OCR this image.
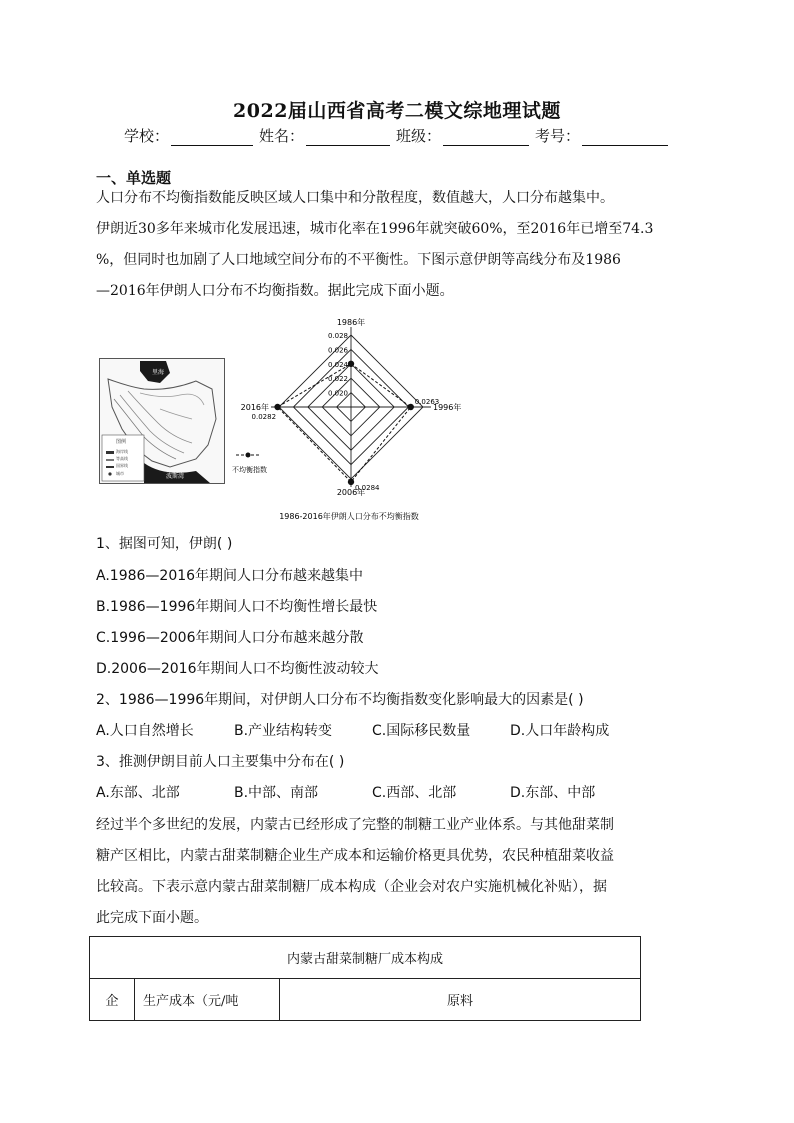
2022届山西省高考二模文综地理试题
学校：	姓名：	班级：	考号：
一、单选题
人口分布不均衡指数能反映区域人口集中和分散程度，数值越大，人口分布越集中。
伊朗近30多年来城市化发展迅速，城市化率在1996年就突破60%，至2016年已增至74.3
%，但同时也加剧了人口地域空间分布的不平衡性。下图示意伊朗等高线分布及1986
—2016年伊朗人口分布不均衡指数。据此完成下面小题。
里海
波斯湾
图例
海岸线
等高线
国界线
城市
1986年
1996年
2006年
2016年
0.028
0.026
0.024
0.022
0.020
0.0263
0.0284
0.0282
不均衡指数
1986-2016年伊朗人口分布不均衡指数
1、据图可知，伊朗( )
A.1986—2016年期间人口分布越来越集中
B.1986—1996年期间人口不均衡性增长最快
C.1996—2006年期间人口分布越来越分散
D.2006—2016年期间人口不均衡性波动较大
2、1986—1996年期间，对伊朗人口分布不均衡指数变化影响最大的因素是( )
A.人口自然增长	B.产业结构转变	C.国际移民数量	D.人口年龄构成
3、推测伊朗目前人口主要集中分布在( )
A.东部、北部	B.中部、南部	C.西部、北部	D.东部、中部
经过半个多世纪的发展，内蒙古已经形成了完整的制糖工业产业体系。与其他甜菜制
糖产区相比，内蒙古甜菜制糖企业生产成本和运输价格更具优势，农民种植甜菜收益
比较高。下表示意内蒙古甜菜制糖厂成本构成（企业会对农户实施机械化补贴），据
此完成下面小题。
内蒙古甜菜制糖厂成本构成
企	生产成本（元/吨	原料
